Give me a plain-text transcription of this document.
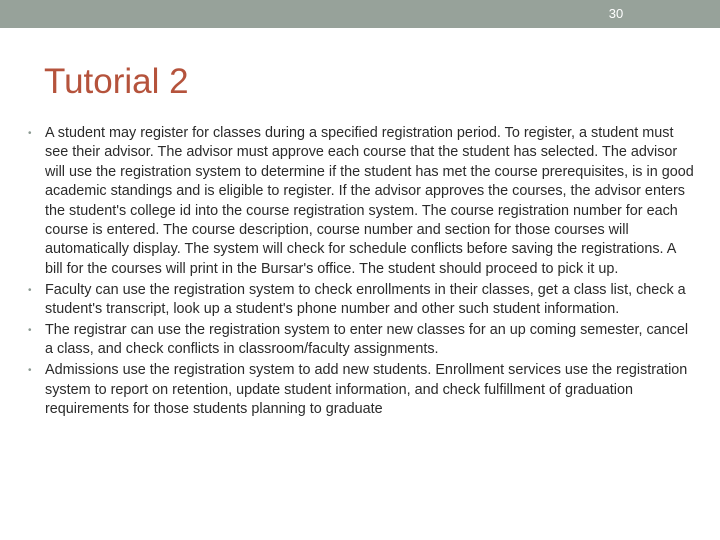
30
Tutorial 2
• A student may register for classes during a specified registration period. To register, a student must see their advisor. The advisor must approve each course that the student has selected. The advisor will use the registration system to determine if the student has met the course prerequisites, is in good academic standings and is eligible to register. If the advisor approves the courses, the advisor enters the student's college id into the course registration system. The course registration number for each course is entered. The course description, course number and section for those courses will automatically display. The system will check for schedule conflicts before saving the registrations. A bill for the courses will print in the Bursar's office. The student should proceed to pick it up.
• Faculty can use the registration system to check enrollments in their classes, get a class list, check a student's transcript, look up a student's phone number and other such student information.
• The registrar can use the registration system to enter new classes for an up coming semester, cancel a class, and check conflicts in classroom/faculty assignments.
• Admissions use the registration system to add new students. Enrollment services use the registration system to report on retention, update student information, and check fulfillment of graduation requirements for those students planning to graduate
